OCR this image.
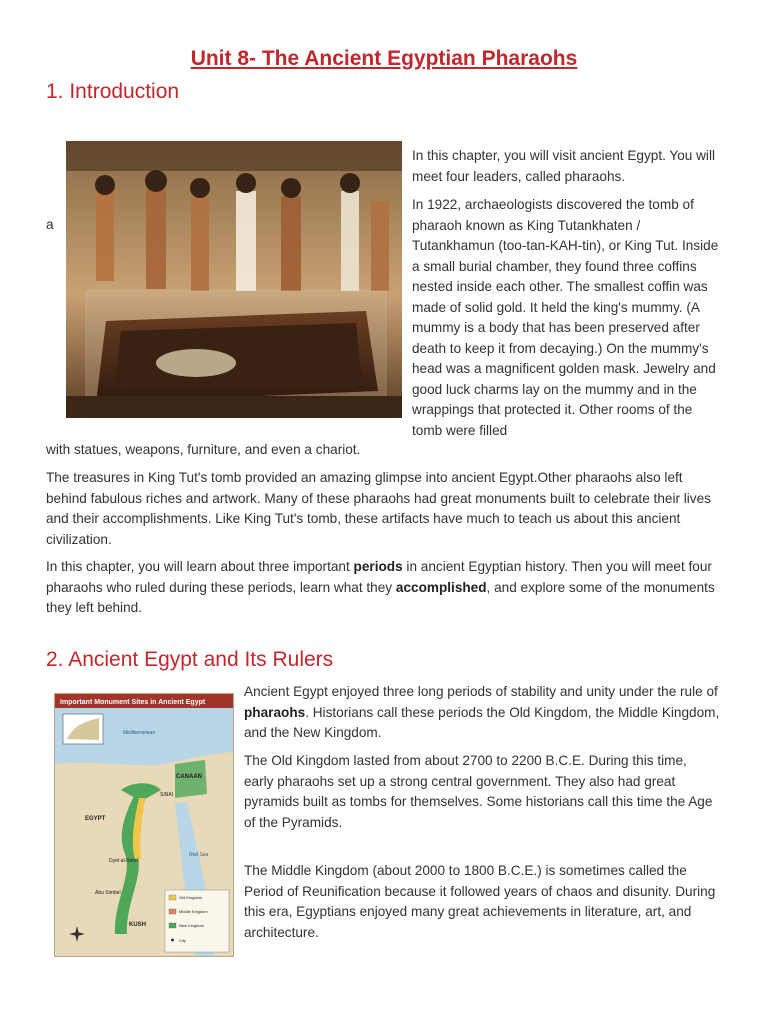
Unit 8- The Ancient Egyptian Pharaohs
1. Introduction
a

In this chapter, you will visit ancient Egypt. You will meet four leaders, called pharaohs.

In 1922, archaeologists discovered the tomb of pharaoh known as King Tutankhaten / Tutankhamun (too-tan-KAH-tin), or King Tut. Inside a small burial chamber, they found three coffins nested inside each other. The smallest coffin was made of solid gold. It held the king's mummy. (A mummy is a body that has been preserved after death to keep it from decaying.) On the mummy's head was a magnificent golden mask. Jewelry and good luck charms lay on the mummy and in the wrappings that protected it. Other rooms of the tomb were filled

with statues, weapons, furniture, and even a chariot.

The treasures in King Tut's tomb provided an amazing glimpse into ancient Egypt.Other pharaohs also left behind fabulous riches and artwork. Many of these pharaohs had great monuments built to celebrate their lives and their accomplishments. Like King Tut's tomb, these artifacts have much to teach us about this ancient civilization.

In this chapter, you will learn about three important periods in ancient Egyptian history. Then you will meet four pharaohs who ruled during these periods, learn what they accomplished, and explore some of the monuments they left behind.

2. Ancient Egypt and Its Rulers
Important Monument Sites in Ancient Egypt
CANAAN
SINAI
EGYPT
Mediterranean
Red Sea
Dyet al-Bahri
Abu Simbel
KUSH
Old Kingdom
Middle Kingdom
New Kingdom
City

Ancient Egypt enjoyed three long periods of stability and unity under the rule of pharaohs. Historians call these periods the Old Kingdom, the Middle Kingdom, and the New Kingdom.

The Old Kingdom lasted from about 2700 to 2200 B.C.E. During this time, early pharaohs set up a strong central government. They also had great pyramids built as tombs for themselves. Some historians call this time the Age of the Pyramids.

The Middle Kingdom (about 2000 to 1800 B.C.E.) is sometimes called the Period of Reunification because it followed years of chaos and disunity. During this era, Egyptians enjoyed many great achievements in literature, art, and architecture.
